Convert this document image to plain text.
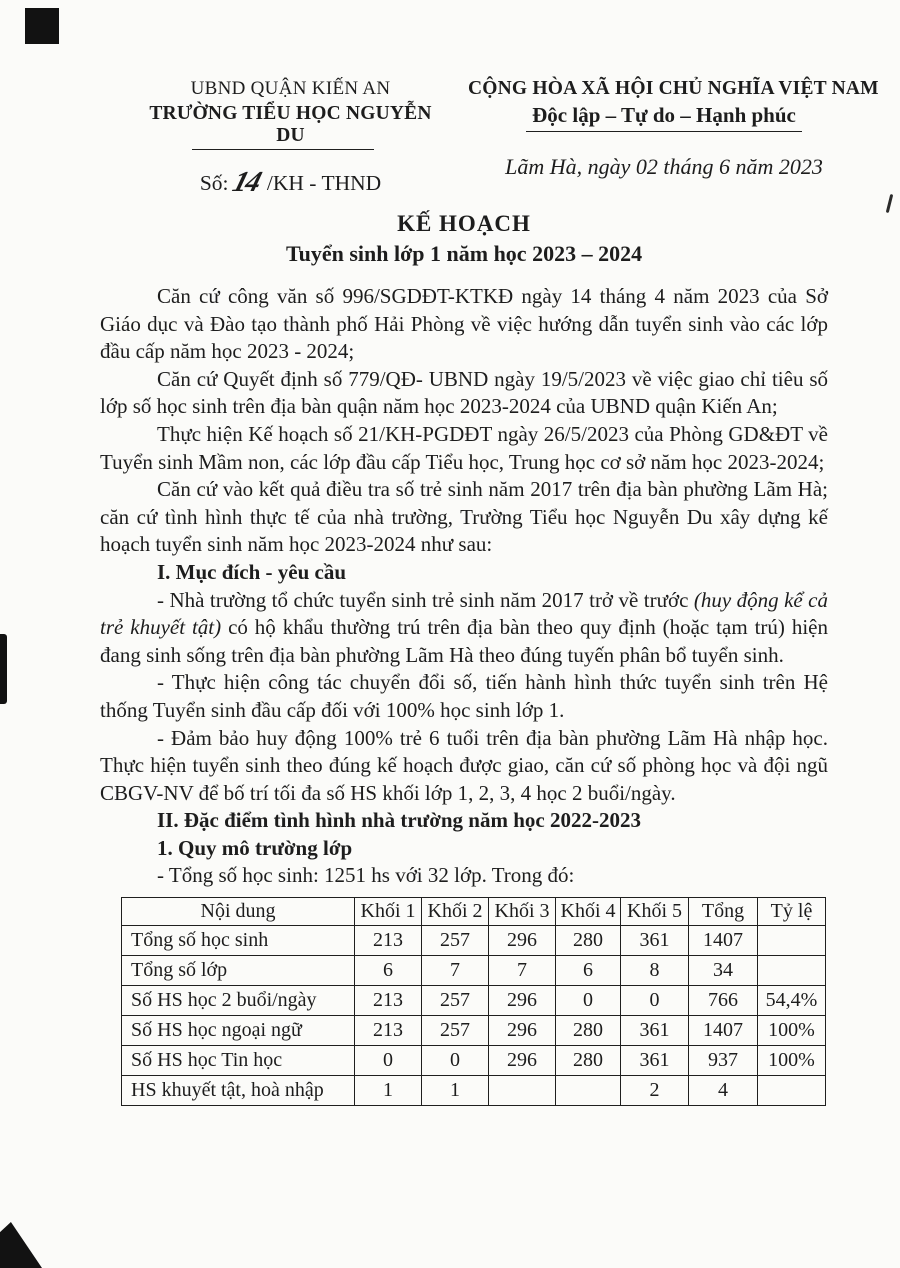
UBND QUẬN KIẾN AN
TRƯỜNG TIỂU HỌC NGUYỄN DU
Số:14 /KH - THND
CỘNG HÒA XÃ HỘI CHỦ NGHĨA VIỆT NAM
Độc lập – Tự do – Hạnh phúc
Lãm Hà, ngày 02 tháng 6 năm 2023
KẾ HOẠCH
Tuyển sinh lớp 1 năm học 2023 – 2024

Căn cứ công văn số 996/SGDĐT-KTKĐ ngày 14 tháng 4 năm 2023 của Sở Giáo dục và Đào tạo thành phố Hải Phòng về việc hướng dẫn tuyển sinh vào các lớp đầu cấp năm học 2023 - 2024;

Căn cứ Quyết định số 779/QĐ- UBND ngày 19/5/2023 về việc giao chỉ tiêu số lớp số học sinh trên địa bàn quận năm học 2023-2024 của UBND quận Kiến An;

Thực hiện Kế hoạch số 21/KH-PGDĐT ngày 26/5/2023 của Phòng GD&ĐT về Tuyển sinh Mầm non, các lớp đầu cấp Tiểu học, Trung học cơ sở năm học 2023-2024;

Căn cứ vào kết quả điều tra số trẻ sinh năm 2017 trên địa bàn phường Lãm Hà; căn cứ tình hình thực tế của nhà trường, Trường Tiểu học Nguyễn Du xây dựng kế hoạch tuyển sinh năm học 2023-2024 như sau:

I. Mục đích - yêu cầu

- Nhà trường tổ chức tuyển sinh trẻ sinh năm 2017 trở về trước (huy động kể cả trẻ khuyết tật) có hộ khẩu thường trú trên địa bàn theo quy định (hoặc tạm trú) hiện đang sinh sống trên địa bàn phường Lãm Hà theo đúng tuyến phân bổ tuyển sinh.

- Thực hiện công tác chuyển đổi số, tiến hành hình thức tuyển sinh trên Hệ thống Tuyển sinh đầu cấp đối với 100% học sinh lớp 1.

- Đảm bảo huy động 100% trẻ 6 tuổi trên địa bàn phường Lãm Hà nhập học. Thực hiện tuyển sinh theo đúng kế hoạch được giao, căn cứ số phòng học và đội ngũ CBGV-NV để bố trí tối đa số HS khối lớp 1, 2, 3, 4 học 2 buổi/ngày.

II. Đặc điểm tình hình nhà trường năm học 2022-2023

1. Quy mô trường lớp

- Tổng số học sinh: 1251 hs với 32 lớp. Trong đó:

Nội dung	Khối 1	Khối 2	Khối 3	Khối 4	Khối 5	Tổng	Tỷ lệ
Tổng số học sinh	213	257	296	280	361	1407	
Tổng số lớp	6	7	7	6	8	34	
Số HS học 2 buổi/ngày	213	257	296	0	0	766	54,4%
Số HS học ngoại ngữ	213	257	296	280	361	1407	100%
Số HS học Tin học	0	0	296	280	361	937	100%
HS khuyết tật, hoà nhập	1	1			2	4	
